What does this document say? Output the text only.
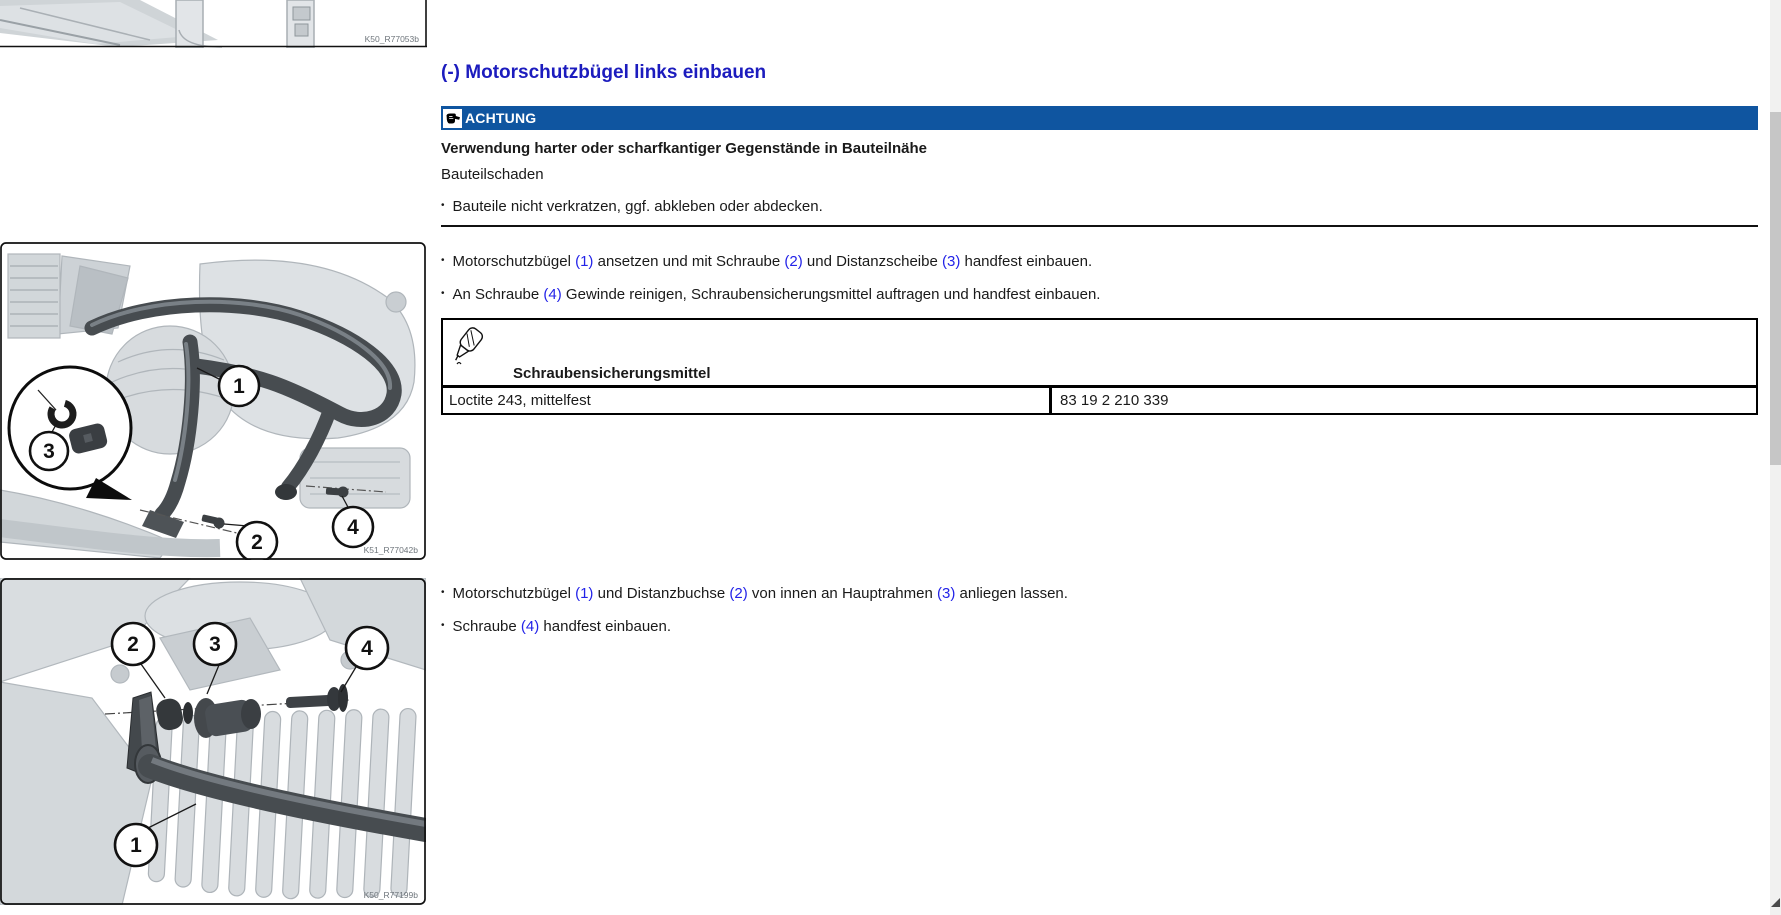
K50_R77053b
1
2
3
4
K51_R77042b
2	3	4
1
K50_R77199b
(-) Motorschutzbügel links einbauen
ACHTUNG
Verwendung harter oder scharfkantiger Gegenstände in Bauteilnähe
Bauteilschaden
• Bauteile nicht verkratzen, ggf. abkleben oder abdecken.
• Motorschutzbügel (1) ansetzen und mit Schraube (2) und Distanzscheibe (3) handfest einbauen.
• An Schraube (4) Gewinde reinigen, Schraubensicherungsmittel auftragen und handfest einbauen.
Schraubensicherungsmittel
Loctite 243, mittelfest	83 19 2 210 339
• Motorschutzbügel (1) und Distanzbuchse (2) von innen an Hauptrahmen (3) anliegen lassen.
• Schraube (4) handfest einbauen.
